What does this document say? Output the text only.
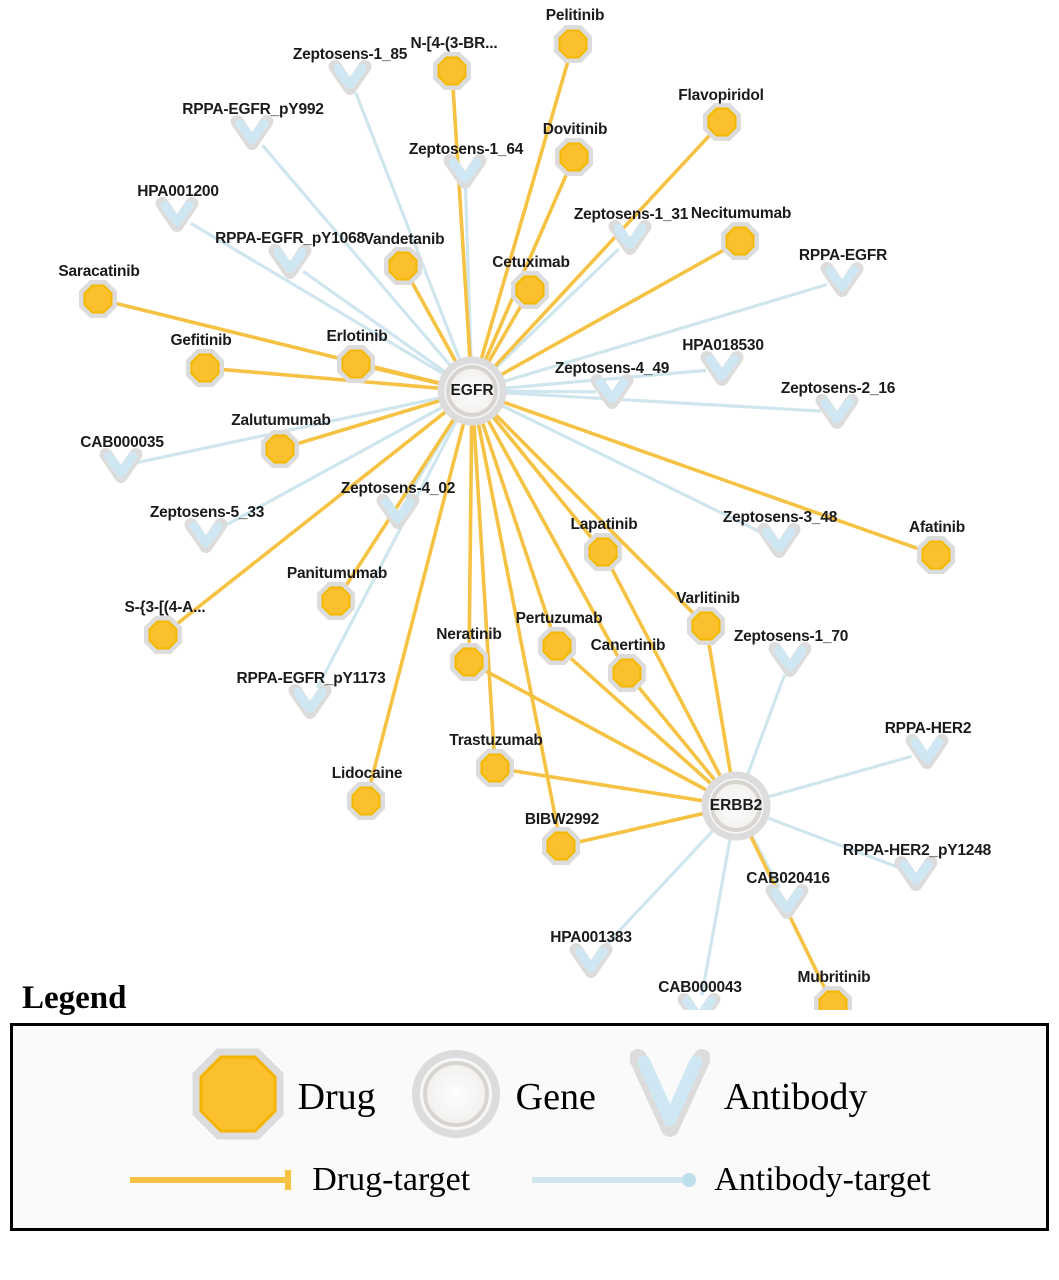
Zeptosens-1_85
RPPA-EGFR_pY992
Zeptosens-1_64
HPA001200
Zeptosens-1_31
RPPA-EGFR_pY1068
RPPA-EGFR
HPA018530
Zeptosens-4_49
Zeptosens-2_16
CAB000035
Zeptosens-4_02
Zeptosens-5_33	Zeptosens-3_48
Zeptosens-1_70
RPPA-EGFR_pY1173
RPPA-HER2
RPPA-HER2_pY1248
CAB020416
HPA001383
CAB000043
Pelitinib
N-[4-(3-BR...
Flavopiridol
Dovitinib
Necitumumab
Vandetanib
Cetuximab
Saracatinib
Erlotinib
Gefitinib
Zalutumumab
Afatinib
Lapatinib
Panitumumab
Varlitinib
S-{3-[(4-A...
Pertuzumab
Neratinib
Canertinib
Trastuzumab
Lidocaine
BIBW2992
Mubritinib
EGFR
ERBB2
Legend
Drug	Gene	Antibody
Drug-target	Antibody-target
